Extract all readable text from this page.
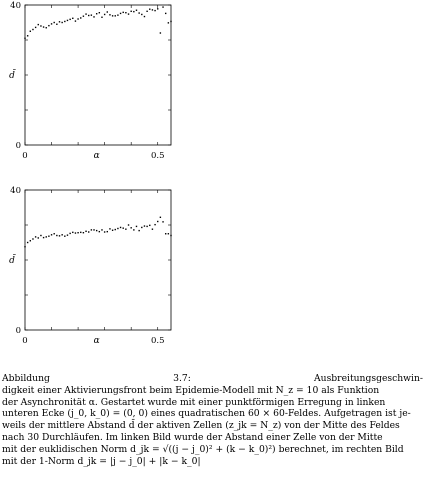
40
0
0	0.5
d̄
α
40
0
0	0.5
d̄
α
Abbildung	3.7:	Ausbreitungsgeschwin-
digkeit einer Aktivierungsfront beim Epidemie-Modell mit N_z = 10 als Funktion
der Asynchronität α. Gestartet wurde mit einer punktförmigen Erregung in linken
unteren Ecke (j_0, k_0) = (0, 0) eines quadratischen 60 × 60-Feldes. Aufgetragen ist je-
weils der mittlere Abstand d̄ der aktiven Zellen (z_jk = N_z) von der Mitte des Feldes
nach 30 Durchläufen. Im linken Bild wurde der Abstand einer Zelle von der Mitte
mit der euklidischen Norm d_jk = √((j − j_0)² + (k − k_0)²) berechnet, im rechten Bild
mit der 1-Norm d_jk = |j − j_0| + |k − k_0|
